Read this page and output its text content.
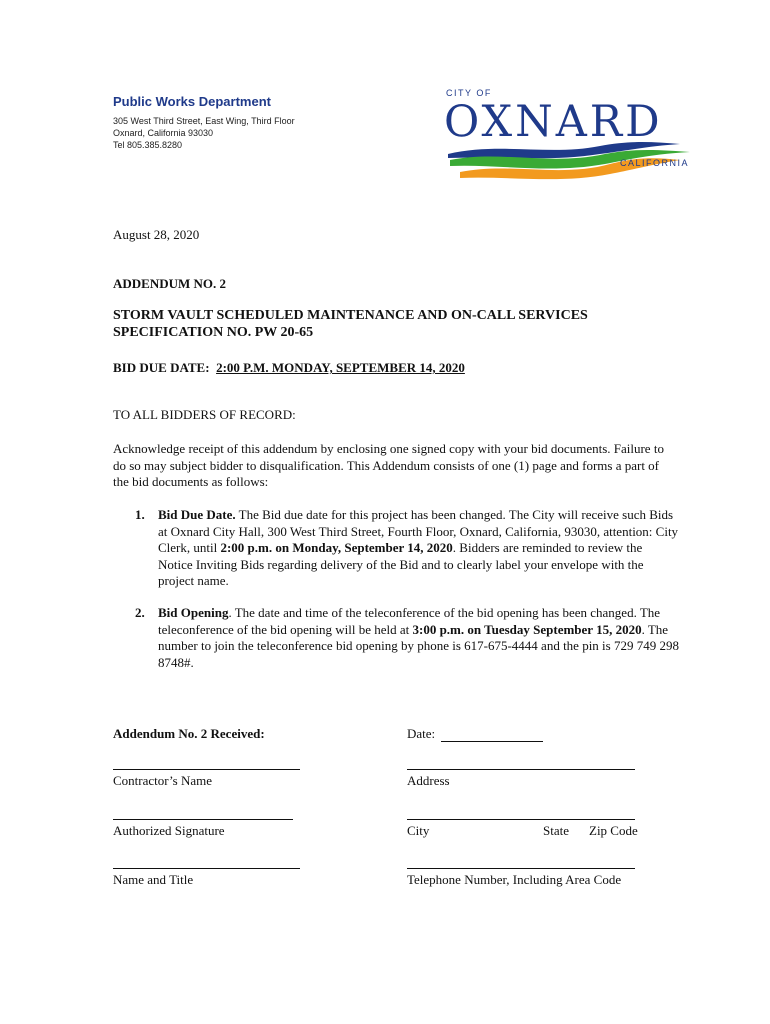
Public Works Department
305 West Third Street, East Wing, Third Floor
Oxnard, California 93030
Tel 805.385.8280
CITY OF
OXNARD
CALIFORNIA
August 28, 2020
ADDENDUM NO. 2
STORM VAULT SCHEDULED MAINTENANCE AND ON-CALL SERVICES
SPECIFICATION NO. PW 20-65
BID DUE DATE: 2:00 P.M. MONDAY, SEPTEMBER 14, 2020
TO ALL BIDDERS OF RECORD:
Acknowledge receipt of this addendum by enclosing one signed copy with your bid documents. Failure to do so may subject bidder to disqualification. This Addendum consists of one (1) page and forms a part of the bid documents as follows:
1. Bid Due Date. The Bid due date for this project has been changed. The City will receive such Bids at Oxnard City Hall, 300 West Third Street, Fourth Floor, Oxnard, California, 93030, attention: City Clerk, until 2:00 p.m. on Monday, September 14, 2020. Bidders are reminded to review the Notice Inviting Bids regarding delivery of the Bid and to clearly label your envelope with the project name.
2. Bid Opening. The date and time of the teleconference of the bid opening has been changed. The teleconference of the bid opening will be held at 3:00 p.m. on Tuesday September 15, 2020. The number to join the teleconference bid opening by phone is 617-675-4444 and the pin is 729 749 298 8748#.
Addendum No. 2 Received:	Date:
Contractor’s Name	Address
Authorized Signature	City	State Zip Code
Name and Title	Telephone Number, Including Area Code
